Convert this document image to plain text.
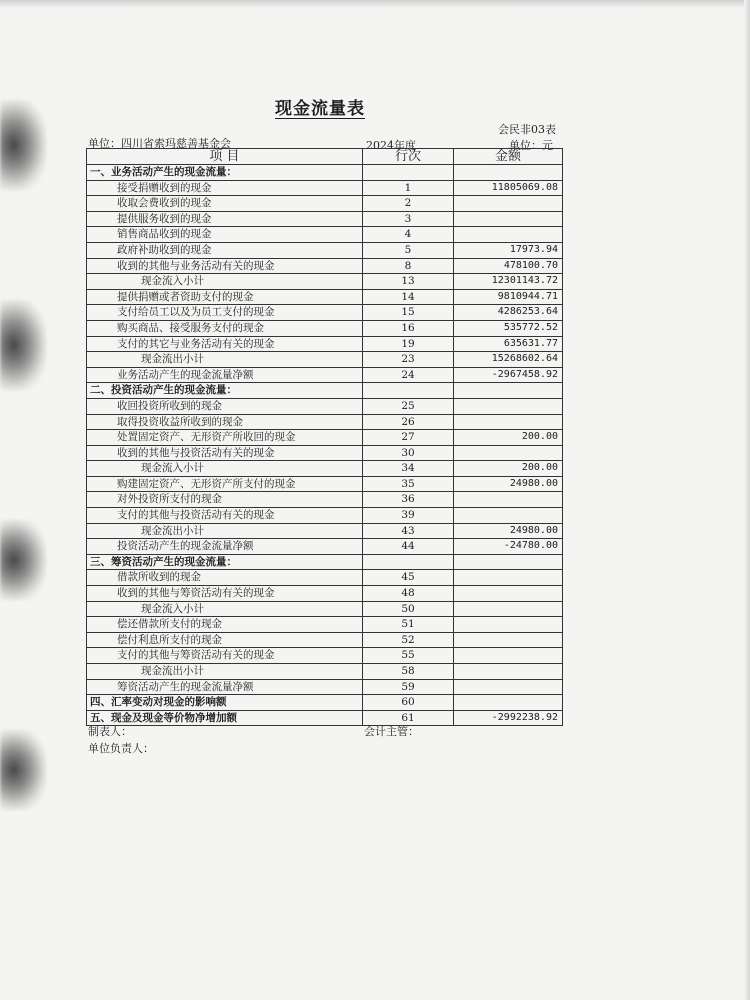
现金流量表
会民非03表
单位：四川省索玛慈善基金会	2024年度	单位：元
项 目	行次	金额
一、业务活动产生的现金流量：		
接受捐赠收到的现金	1	11805069.08
收取会费收到的现金	2	
提供服务收到的现金	3	
销售商品收到的现金	4	
政府补助收到的现金	5	17973.94
收到的其他与业务活动有关的现金	8	478100.70
现金流入小计	13	12301143.72
提供捐赠或者资助支付的现金	14	9810944.71
支付给员工以及为员工支付的现金	15	4286253.64
购买商品、接受服务支付的现金	16	535772.52
支付的其它与业务活动有关的现金	19	635631.77
现金流出小计	23	15268602.64
业务活动产生的现金流量净额	24	-2967458.92
二、投资活动产生的现金流量：		
收回投资所收到的现金	25	
取得投资收益所收到的现金	26	
处置固定资产、无形资产所收回的现金	27	200.00
收到的其他与投资活动有关的现金	30	
现金流入小计	34	200.00
购建固定资产、无形资产所支付的现金	35	24980.00
对外投资所支付的现金	36	
支付的其他与投资活动有关的现金	39	
现金流出小计	43	24980.00
投资活动产生的现金流量净额	44	-24780.00
三、筹资活动产生的现金流量：		
借款所收到的现金	45	
收到的其他与筹资活动有关的现金	48	
现金流入小计	50	
偿还借款所支付的现金	51	
偿付利息所支付的现金	52	
支付的其他与筹资活动有关的现金	55	
现金流出小计	58	
筹资活动产生的现金流量净额	59	
四、汇率变动对现金的影响额	60	
五、现金及现金等价物净增加额	61	-2992238.92
制表人：	会计主管：
单位负责人：
